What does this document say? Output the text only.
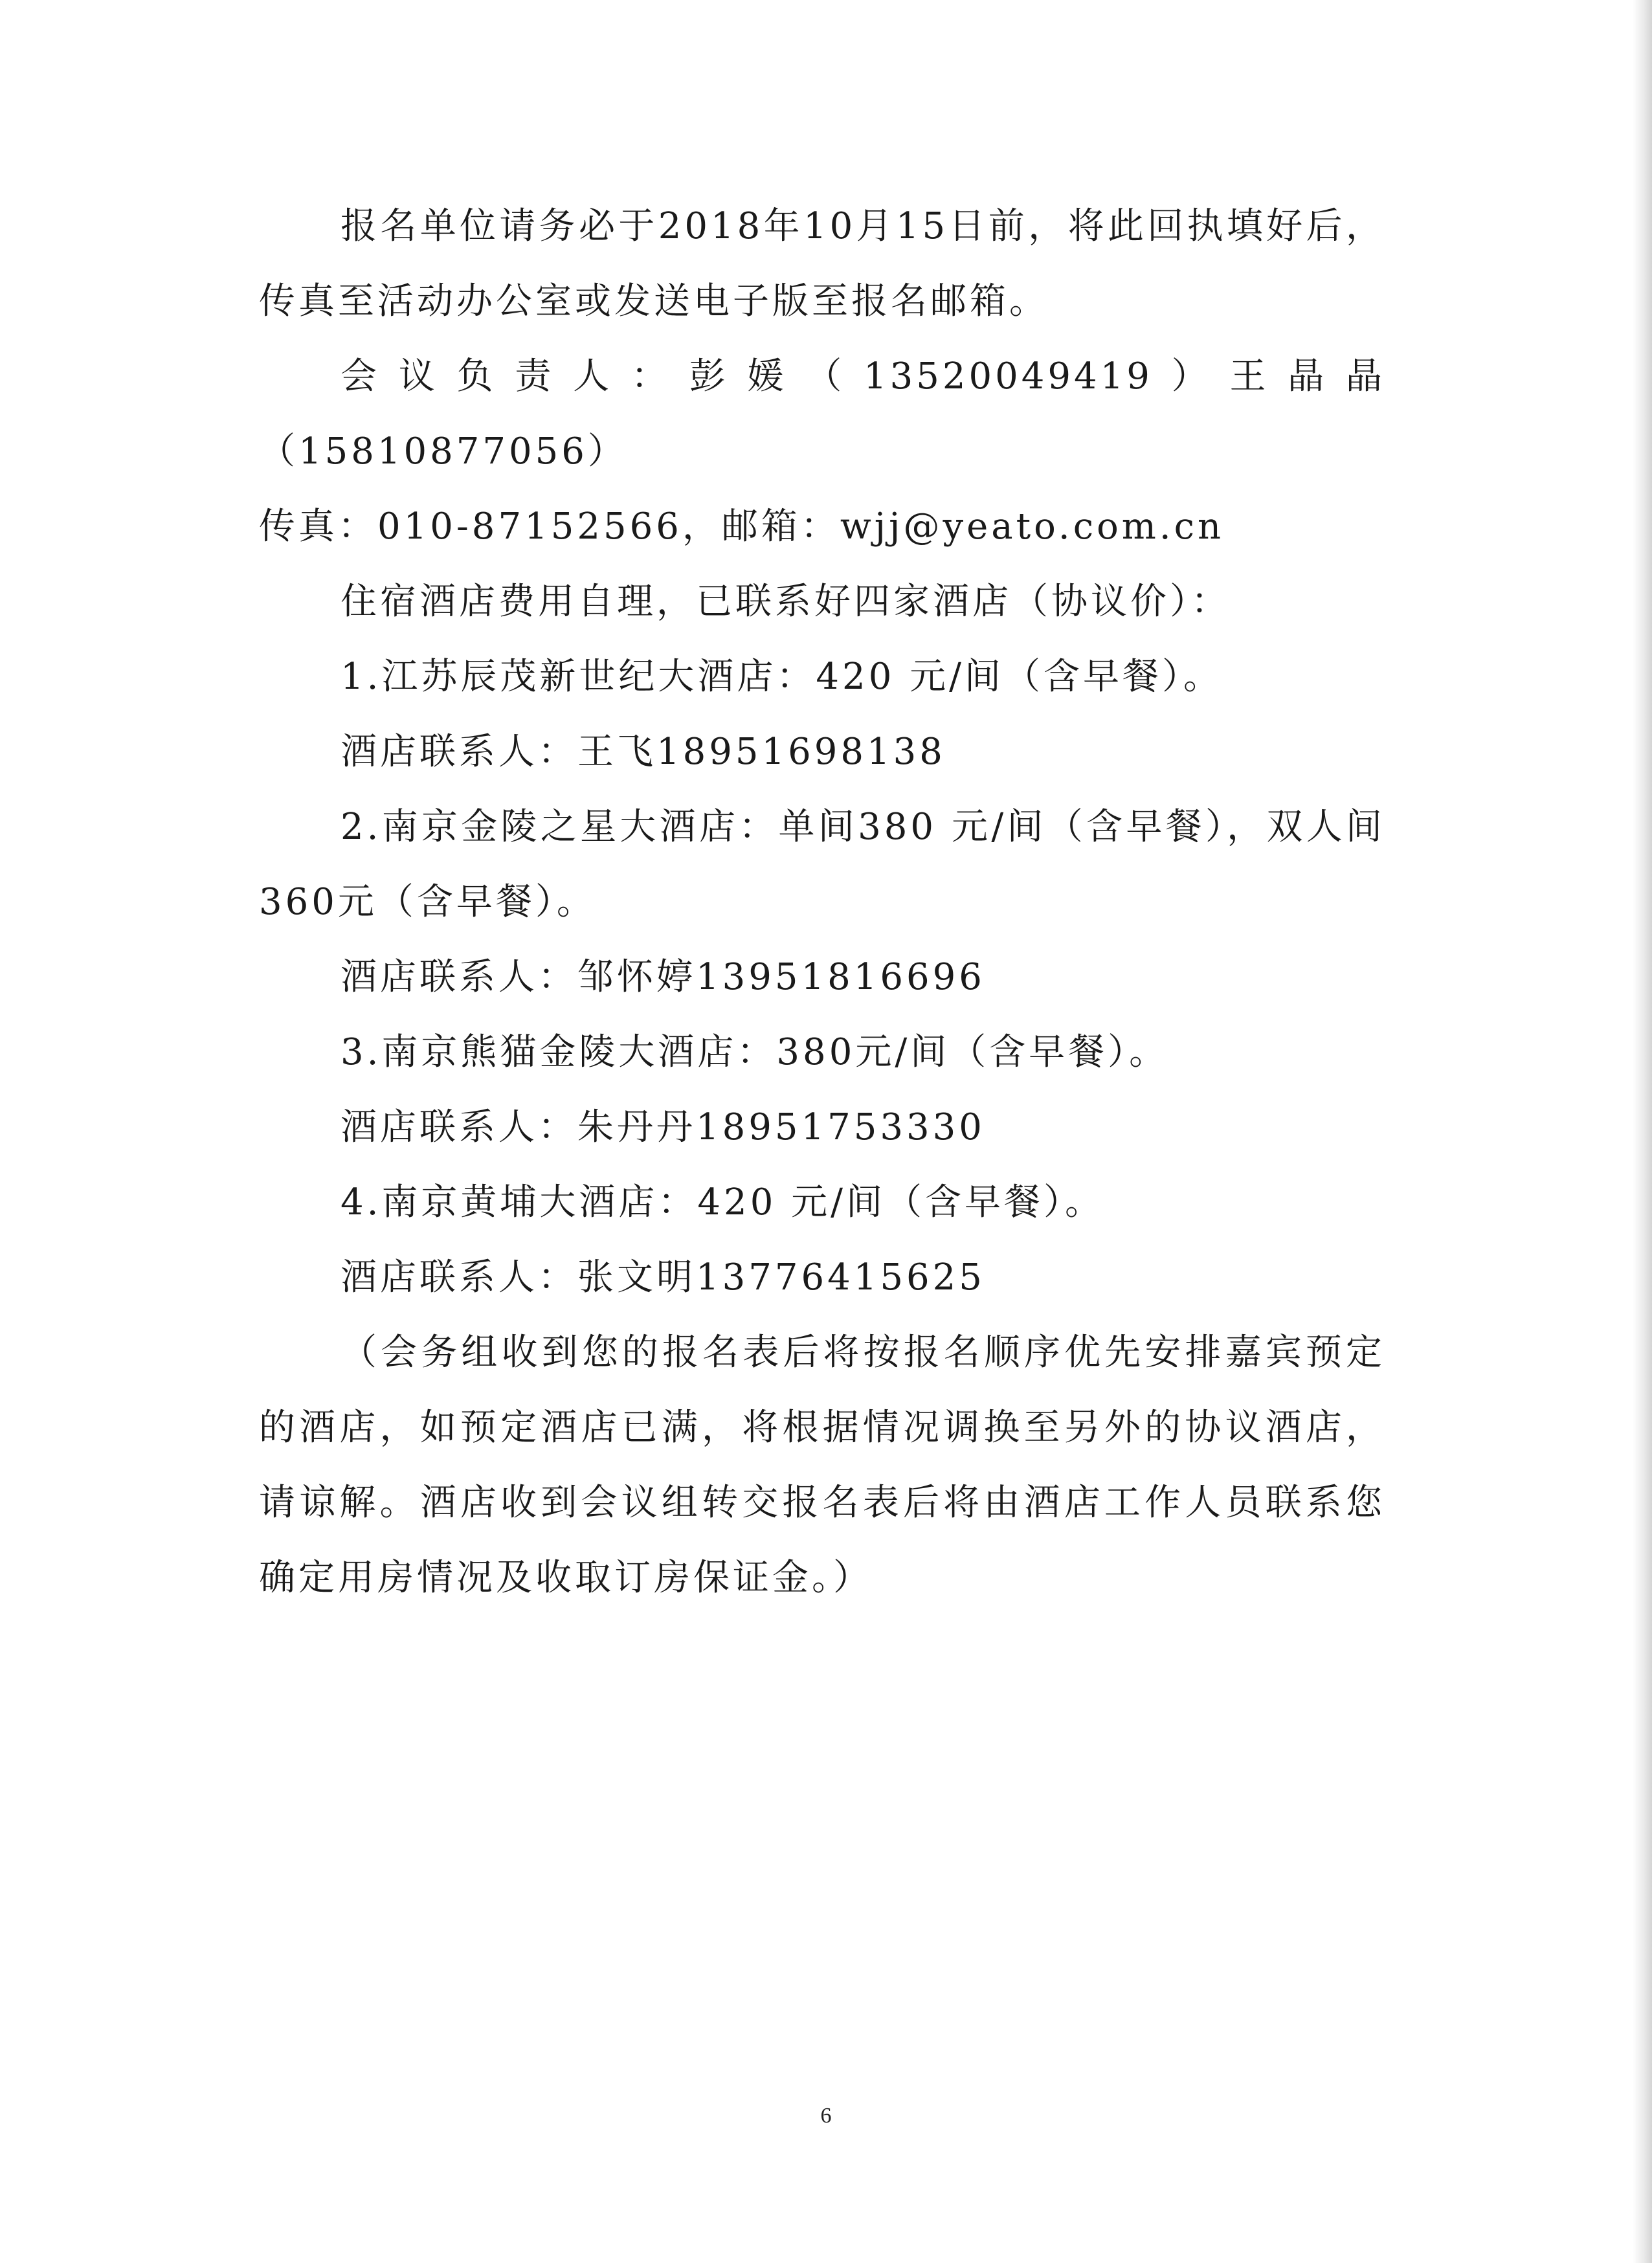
报名单位请务必于2018年10月15日前，将此回执填好后，传真至活动办公室或发送电子版至报名邮箱。

会议负责人：彭媛（13520049419）王晶晶（15810877056）

传真：010-87152566，邮箱：wjj@yeato.com.cn

住宿酒店费用自理，已联系好四家酒店（协议价）：

1.江苏辰茂新世纪大酒店：420 元/间（含早餐）。

酒店联系人：王飞18951698138

2.南京金陵之星大酒店：单间380 元/间（含早餐），双人间360元（含早餐）。

酒店联系人：邹怀婷13951816696

3.南京熊猫金陵大酒店：380元/间（含早餐）。

酒店联系人：朱丹丹18951753330

4.南京黄埔大酒店：420 元/间（含早餐）。

酒店联系人：张文明13776415625

（会务组收到您的报名表后将按报名顺序优先安排嘉宾预定的酒店，如预定酒店已满，将根据情况调换至另外的协议酒店，请谅解。酒店收到会议组转交报名表后将由酒店工作人员联系您确定用房情况及收取订房保证金。）

6
